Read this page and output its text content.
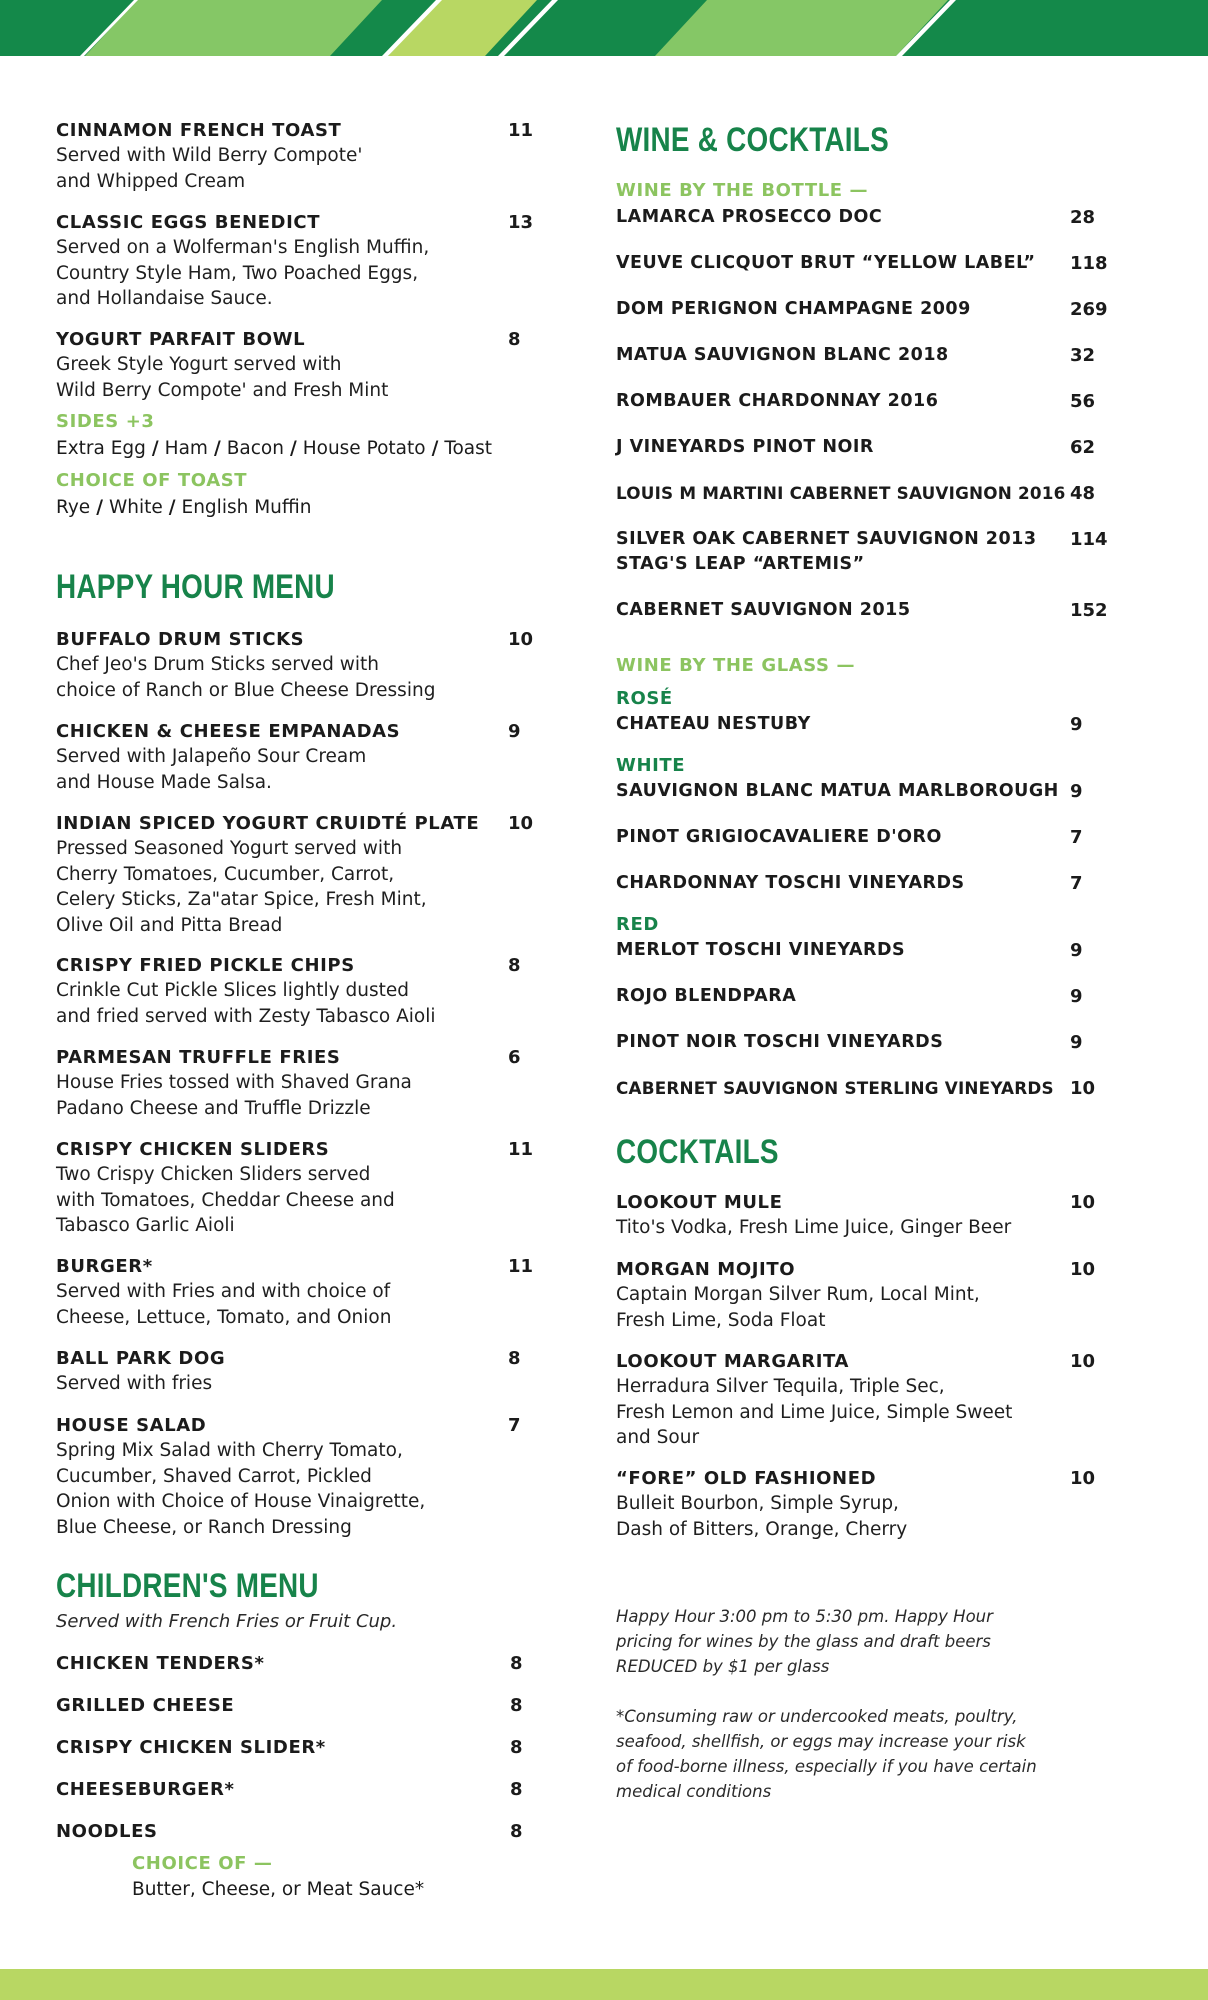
CINNAMON FRENCH TOAST	11
Served with Wild Berry Compote'
and Whipped Cream
CLASSIC EGGS BENEDICT	13
Served on a Wolferman's English Muffin,
Country Style Ham, Two Poached Eggs,
and Hollandaise Sauce.
YOGURT PARFAIT BOWL	8
Greek Style Yogurt served with
Wild Berry Compote' and Fresh Mint
SIDES +3
Extra Egg / Ham / Bacon / House Potato / Toast
CHOICE OF TOAST
Rye / White / English Muffin
HAPPY HOUR MENU
BUFFALO DRUM STICKS	10
Chef Jeo's Drum Sticks served with
choice of Ranch or Blue Cheese Dressing
CHICKEN & CHEESE EMPANADAS	9
Served with Jalapeño Sour Cream
and House Made Salsa.
INDIAN SPICED YOGURT CRUIDTÉ PLATE	10
Pressed Seasoned Yogurt served with
Cherry Tomatoes, Cucumber, Carrot,
Celery Sticks, Za"atar Spice, Fresh Mint,
Olive Oil and Pitta Bread
CRISPY FRIED PICKLE CHIPS	8
Crinkle Cut Pickle Slices lightly dusted
and fried served with Zesty Tabasco Aioli
PARMESAN TRUFFLE FRIES	6
House Fries tossed with Shaved Grana
Padano Cheese and Truffle Drizzle
CRISPY CHICKEN SLIDERS	11
Two Crispy Chicken Sliders served
with Tomatoes, Cheddar Cheese and
Tabasco Garlic Aioli
BURGER*	11
Served with Fries and with choice of
Cheese, Lettuce, Tomato, and Onion
BALL PARK DOG	8
Served with fries
HOUSE SALAD	7
Spring Mix Salad with Cherry Tomato,
Cucumber, Shaved Carrot, Pickled
Onion with Choice of House Vinaigrette,
Blue Cheese, or Ranch Dressing
CHILDREN'S MENU
Served with French Fries or Fruit Cup.
CHICKEN TENDERS*	8
GRILLED CHEESE	8
CRISPY CHICKEN SLIDER*	8
CHEESEBURGER*	8
NOODLES	8
CHOICE OF —
Butter, Cheese, or Meat Sauce*
WINE & COCKTAILS
WINE BY THE BOTTLE —
LAMARCA PROSECCO DOC	28
VEUVE CLICQUOT BRUT “YELLOW LABEL”	118
DOM PERIGNON CHAMPAGNE 2009	269
MATUA SAUVIGNON BLANC 2018	32
ROMBAUER CHARDONNAY 2016	56
J VINEYARDS PINOT NOIR	62
LOUIS M MARTINI CABERNET SAUVIGNON 2016 48
SILVER OAK CABERNET SAUVIGNON 2013
STAG'S LEAP “ARTEMIS”
114
CABERNET SAUVIGNON 2015	152
WINE BY THE GLASS —
ROSÉ
CHATEAU NESTUBY	9
WHITE
SAUVIGNON BLANC MATUA MARLBOROUGH 9
PINOT GRIGIOCAVALIERE D'ORO	7
CHARDONNAY TOSCHI VINEYARDS	7
RED
MERLOT TOSCHI VINEYARDS	9
ROJO BLENDPARA	9
PINOT NOIR TOSCHI VINEYARDS	9
CABERNET SAUVIGNON STERLING VINEYARDS 10
COCKTAILS
LOOKOUT MULE	10
Tito's Vodka, Fresh Lime Juice, Ginger Beer
MORGAN MOJITO	10
Captain Morgan Silver Rum, Local Mint,
Fresh Lime, Soda Float
LOOKOUT MARGARITA	10
Herradura Silver Tequila, Triple Sec,
Fresh Lemon and Lime Juice, Simple Sweet
and Sour
“FORE” OLD FASHIONED	10
Bulleit Bourbon, Simple Syrup,
Dash of Bitters, Orange, Cherry
Happy Hour 3:00 pm to 5:30 pm. Happy Hour
pricing for wines by the glass and draft beers
REDUCED by $1 per glass
*Consuming raw or undercooked meats, poultry,
seafood, shellfish, or eggs may increase your risk
of food-borne illness, especially if you have certain
medical conditions
